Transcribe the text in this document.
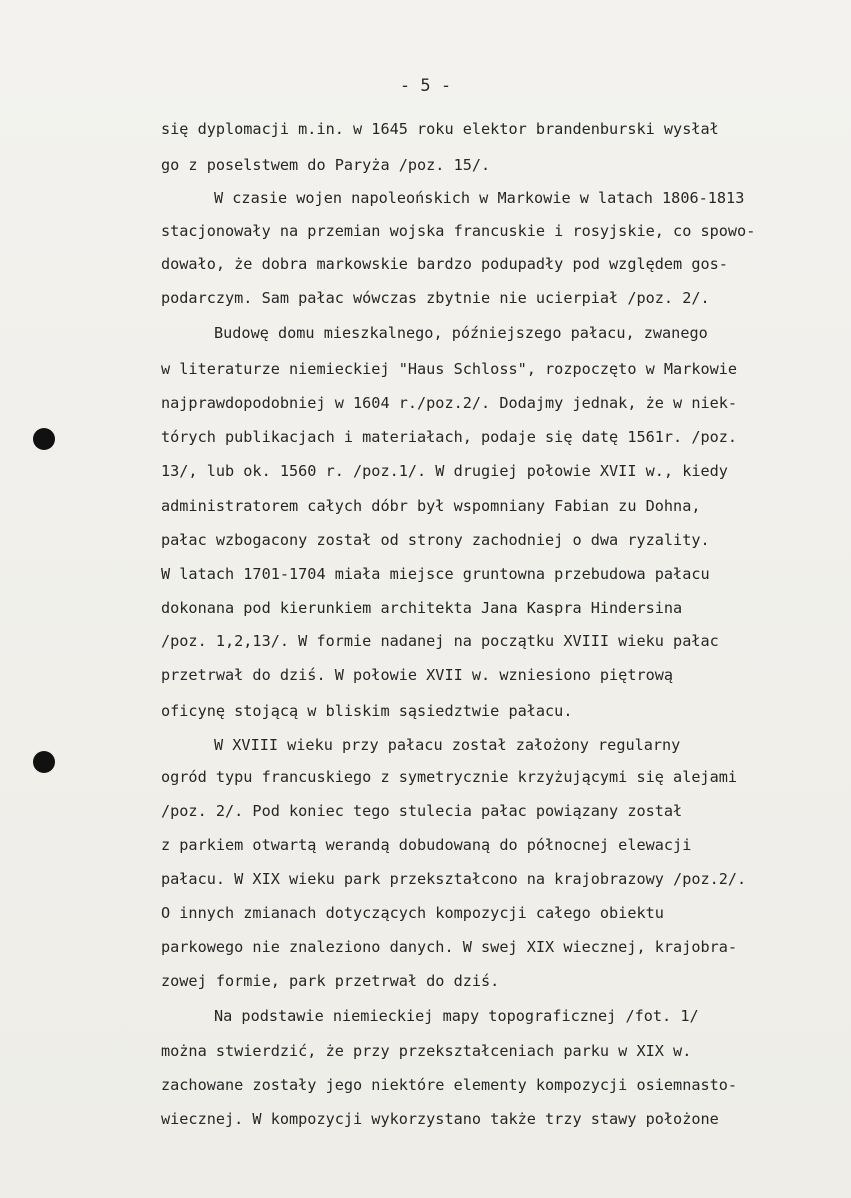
- 5 -
się dyplomacji m.in. w 1645 roku elektor brandenburski wysłał
go z poselstwem do Paryża /poz. 15/.
W czasie wojen napoleońskich w Markowie w latach 1806-1813
stacjonowały na przemian wojska francuskie i rosyjskie, co spowo-
dowało, że dobra markowskie bardzo podupadły pod względem gos-
podarczym. Sam pałac wówczas zbytnie nie ucierpiał /poz. 2/.
Budowę domu mieszkalnego, późniejszego pałacu, zwanego
w literaturze niemieckiej "Haus Schloss", rozpoczęto w Markowie
najprawdopodobniej w 1604 r./poz.2/. Dodajmy jednak, że w niek-
tórych publikacjach i materiałach, podaje się datę 1561r. /poz.
13/, lub ok. 1560 r. /poz.1/. W drugiej połowie XVII w., kiedy
administratorem całych dóbr był wspomniany Fabian zu Dohna,
pałac wzbogacony został od strony zachodniej o dwa ryzality.
W latach 1701-1704 miała miejsce gruntowna przebudowa pałacu
dokonana pod kierunkiem architekta Jana Kaspra Hindersina
/poz. 1,2,13/. W formie nadanej na początku XVIII wieku pałac
przetrwał do dziś. W połowie XVII w. wzniesiono piętrową
oficynę stojącą w bliskim sąsiedztwie pałacu.
W XVIII wieku przy pałacu został założony regularny
ogród typu francuskiego z symetrycznie krzyżującymi się alejami
/poz. 2/. Pod koniec tego stulecia pałac powiązany został
z parkiem otwartą werandą dobudowaną do północnej elewacji
pałacu. W XIX wieku park przekształcono na krajobrazowy /poz.2/.
O innych zmianach dotyczących kompozycji całego obiektu
parkowego nie znaleziono danych. W swej XIX wiecznej, krajobra-
zowej formie, park przetrwał do dziś.
Na podstawie niemieckiej mapy topograficznej /fot. 1/
można stwierdzić, że przy przekształceniach parku w XIX w.
zachowane zostały jego niektóre elementy kompozycji osiemnasto-
wiecznej. W kompozycji wykorzystano także trzy stawy położone
